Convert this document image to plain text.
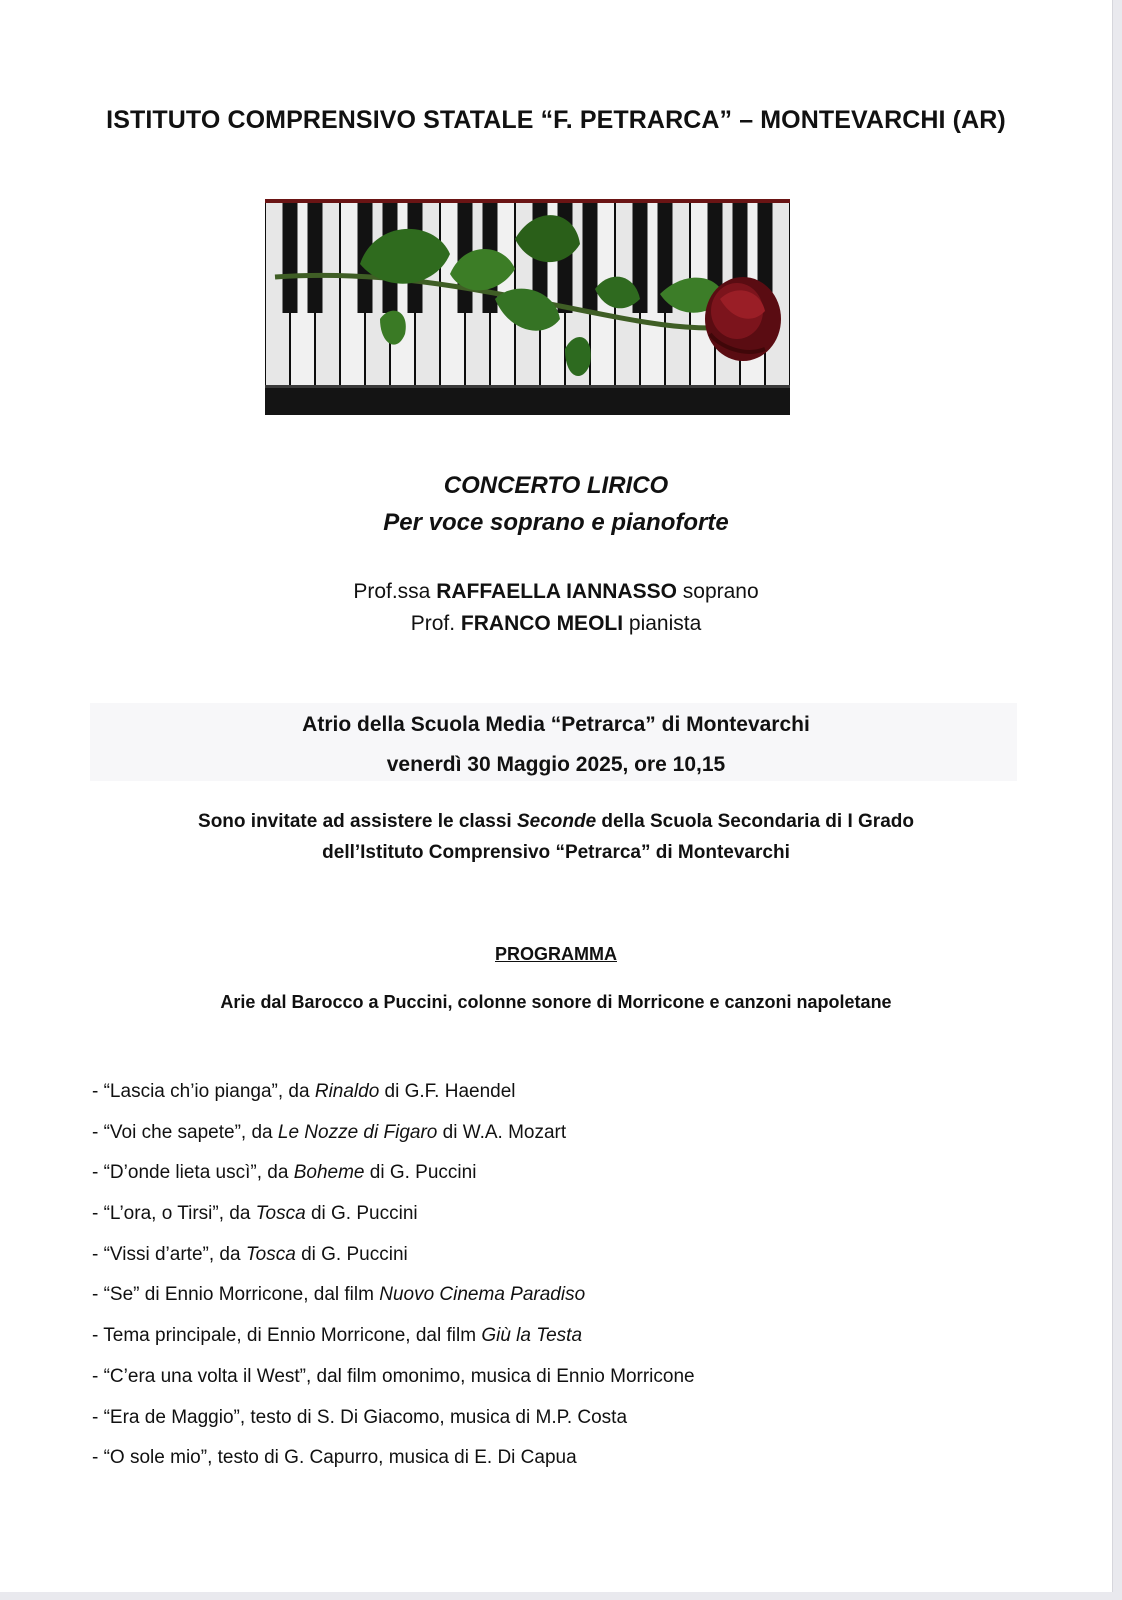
ISTITUTO COMPRENSIVO STATALE “F. PETRARCA” – MONTEVARCHI (AR)
CONCERTO LIRICO
Per voce soprano e pianoforte
Prof.ssa RAFFAELLA IANNASSO soprano
Prof. FRANCO MEOLI pianista
Atrio della Scuola Media “Petrarca” di Montevarchi
venerdì 30 Maggio 2025, ore 10,15
Sono invitate ad assistere le classi Seconde della Scuola Secondaria di I Grado
dell’Istituto Comprensivo “Petrarca” di Montevarchi
PROGRAMMA
Arie dal Barocco a Puccini, colonne sonore di Morricone e canzoni napoletane
- “Lascia ch’io pianga”, da Rinaldo di G.F. Haendel
- “Voi che sapete”, da Le Nozze di Figaro di W.A. Mozart
- “D’onde lieta uscì”, da Boheme di G. Puccini
- “L’ora, o Tirsi”, da Tosca di G. Puccini
- “Vissi d’arte”, da Tosca di G. Puccini
- “Se” di Ennio Morricone, dal film Nuovo Cinema Paradiso
- Tema principale, di Ennio Morricone, dal film Giù la Testa
- “C’era una volta il West”, dal film omonimo, musica di Ennio Morricone
- “Era de Maggio”, testo di S. Di Giacomo, musica di M.P. Costa
- “O sole mio”, testo di G. Capurro, musica di E. Di Capua
